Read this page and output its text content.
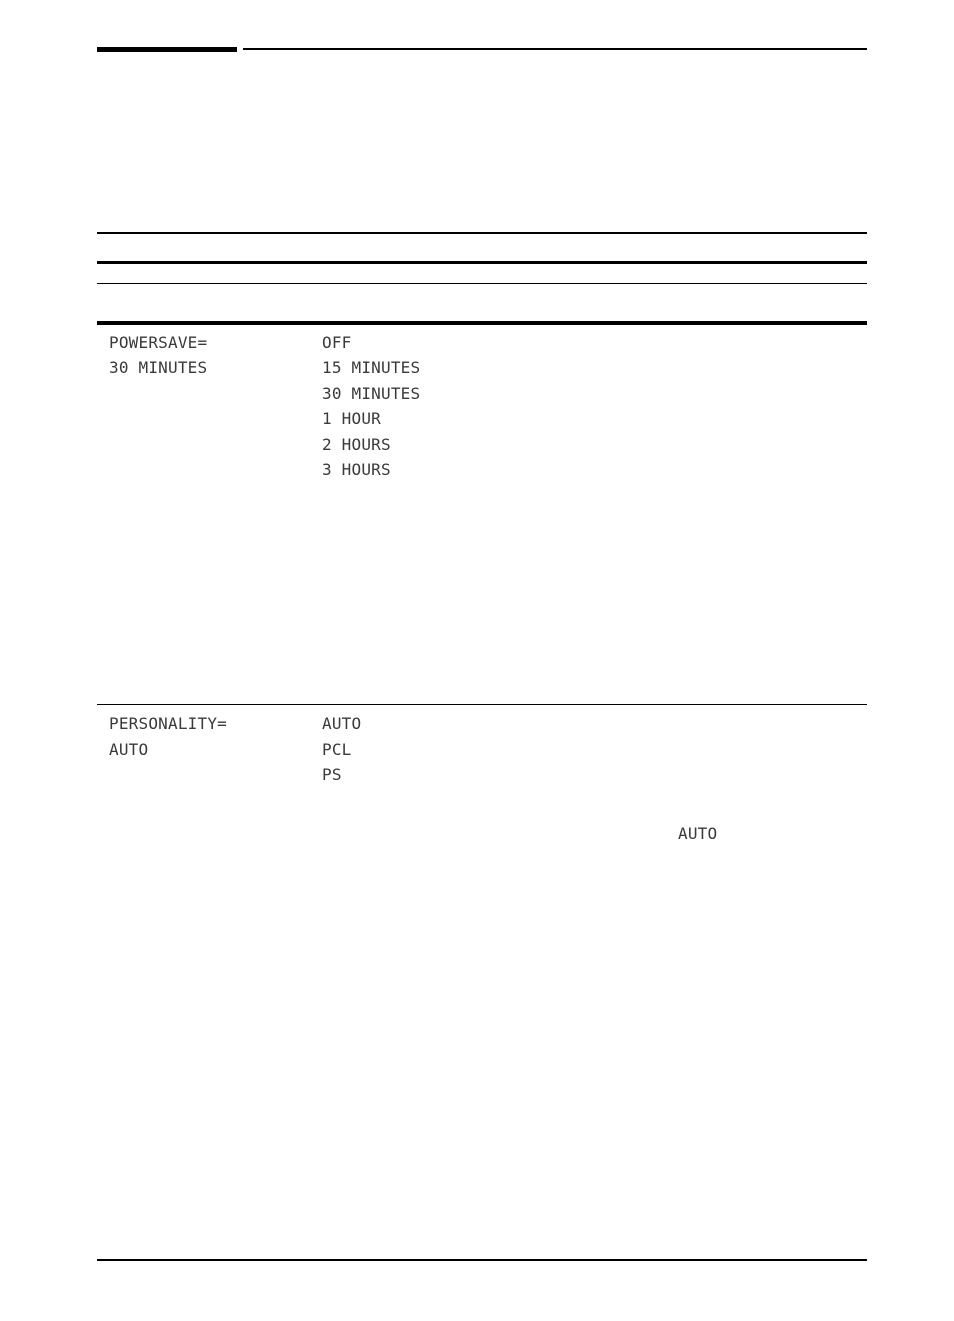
POWERSAVE=
30 MINUTES
OFF
15 MINUTES
30 MINUTES
1 HOUR
2 HOURS
3 HOURS
PERSONALITY=
AUTO
AUTO
PCL
PS
AUTO
